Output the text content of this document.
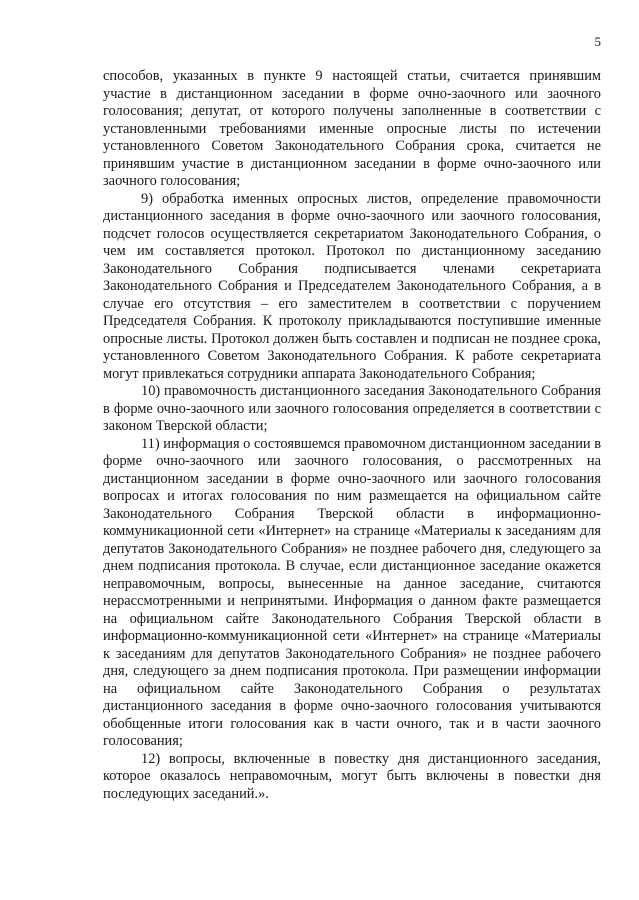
5

способов, указанных в пункте 9 настоящей статьи, считается принявшим участие в дистанционном заседании в форме очно-заочного или заочного голосования; депутат, от которого получены заполненные в соответствии с установленными требованиями именные опросные листы по истечении установленного Советом Законодательного Собрания срока, считается не принявшим участие в дистанционном заседании в форме очно-заочного или заочного голосования;

9) обработка именных опросных листов, определение правомочности дистанционного заседания в форме очно-заочного или заочного голосования, подсчет голосов осуществляется секретариатом Законодательного Собрания, о чем им составляется протокол. Протокол по дистанционному заседанию Законодательного Собрания подписывается членами секретариата Законодательного Собрания и Председателем Законодательного Собрания, а в случае его отсутствия – его заместителем в соответствии с поручением Председателя Собрания. К протоколу прикладываются поступившие именные опросные листы. Протокол должен быть составлен и подписан не позднее срока, установленного Советом Законодательного Собрания. К работе секретариата могут привлекаться сотрудники аппарата Законодательного Собрания;

10) правомочность дистанционного заседания Законодательного Собрания в форме очно-заочного или заочного голосования определяется в соответствии с законом Тверской области;

11) информация о состоявшемся правомочном дистанционном заседании в форме очно-заочного или заочного голосования, о рассмотренных на дистанционном заседании в форме очно-заочного или заочного голосования вопросах и итогах голосования по ним размещается на официальном сайте Законодательного Собрания Тверской области в информационно-коммуникационной сети «Интернет» на странице «Материалы к заседаниям для депутатов Законодательного Собрания» не позднее рабочего дня, следующего за днем подписания протокола. В случае, если дистанционное заседание окажется неправомочным, вопросы, вынесенные на данное заседание, считаются нерассмотренными и непринятыми. Информация о данном факте размещается на официальном сайте Законодательного Собрания Тверской области в информационно-коммуникационной сети «Интернет» на странице «Материалы к заседаниям для депутатов Законодательного Собрания» не позднее рабочего дня, следующего за днем подписания протокола. При размещении информации на официальном сайте Законодательного Собрания о результатах дистанционного заседания в форме очно-заочного голосования учитываются обобщенные итоги голосования как в части очного, так и в части заочного голосования;

12) вопросы, включенные в повестку дня дистанционного заседания, которое оказалось неправомочным, могут быть включены в повестки дня последующих заседаний.».
